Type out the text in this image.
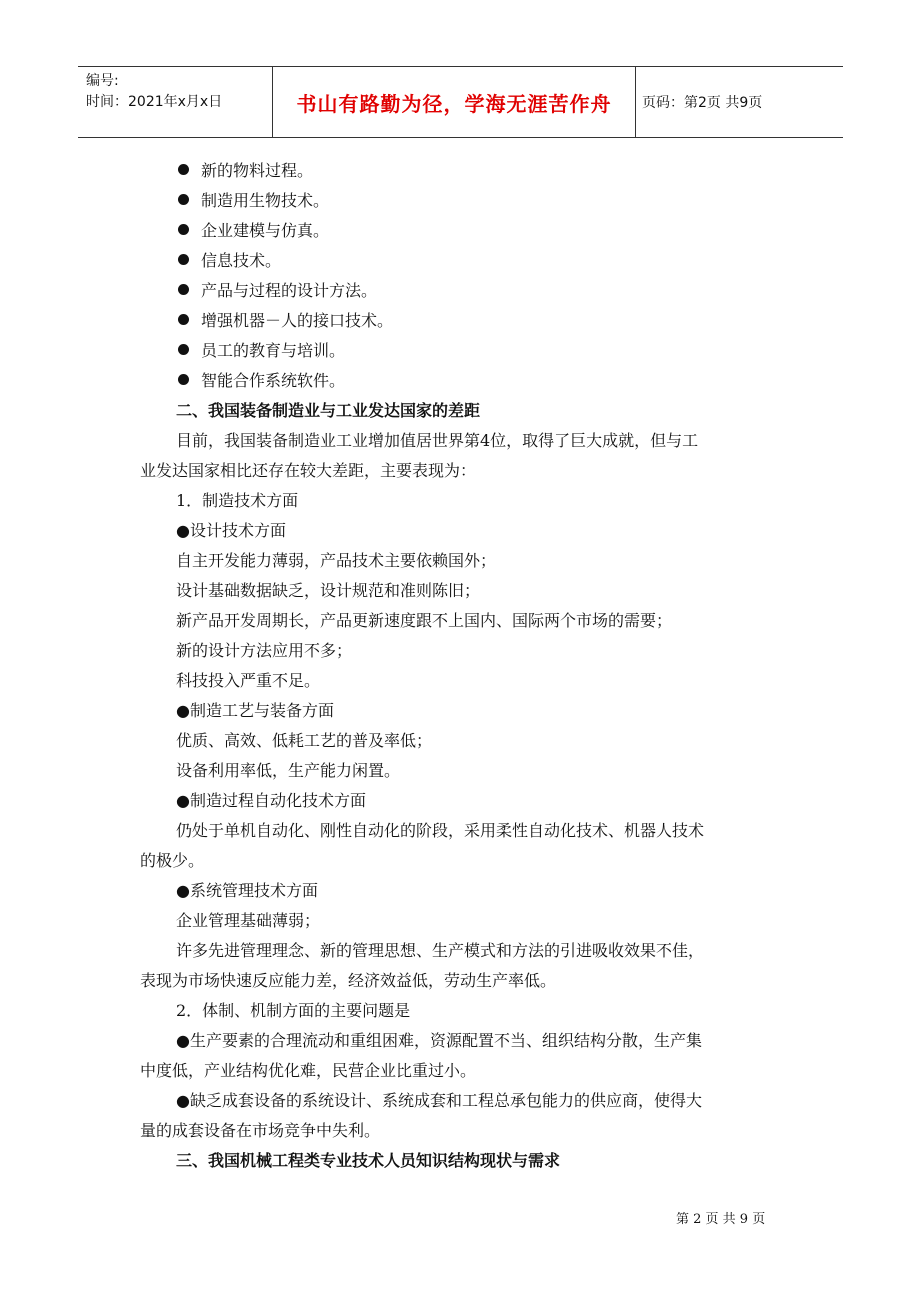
编号:
时间：2021年x月x日	书山有路勤为径，学海无涯苦作舟 页码：第2页 共9页
新的物料过程。
制造用生物技术。
企业建模与仿真。
信息技术。
产品与过程的设计方法。
增强机器－人的接口技术。
员工的教育与培训。
智能合作系统软件。
二、我国装备制造业与工业发达国家的差距
目前，我国装备制造业工业增加值居世界第4位，取得了巨大成就，但与工
业发达国家相比还存在较大差距，主要表现为：
1．制造技术方面
●设计技术方面
自主开发能力薄弱，产品技术主要依赖国外；
设计基础数据缺乏，设计规范和准则陈旧；
新产品开发周期长，产品更新速度跟不上国内、国际两个市场的需要；
新的设计方法应用不多；
科技投入严重不足。
●制造工艺与装备方面
优质、高效、低耗工艺的普及率低；
设备利用率低，生产能力闲置。
●制造过程自动化技术方面
仍处于单机自动化、刚性自动化的阶段，采用柔性自动化技术、机器人技术
的极少。
●系统管理技术方面
企业管理基础薄弱；
许多先进管理理念、新的管理思想、生产模式和方法的引进吸收效果不佳，
表现为市场快速反应能力差，经济效益低，劳动生产率低。
2．体制、机制方面的主要问题是
●生产要素的合理流动和重组困难，资源配置不当、组织结构分散，生产集
中度低，产业结构优化难，民营企业比重过小。
●缺乏成套设备的系统设计、系统成套和工程总承包能力的供应商，使得大
量的成套设备在市场竞争中失利。
三、我国机械工程类专业技术人员知识结构现状与需求
第 2 页 共 9 页
